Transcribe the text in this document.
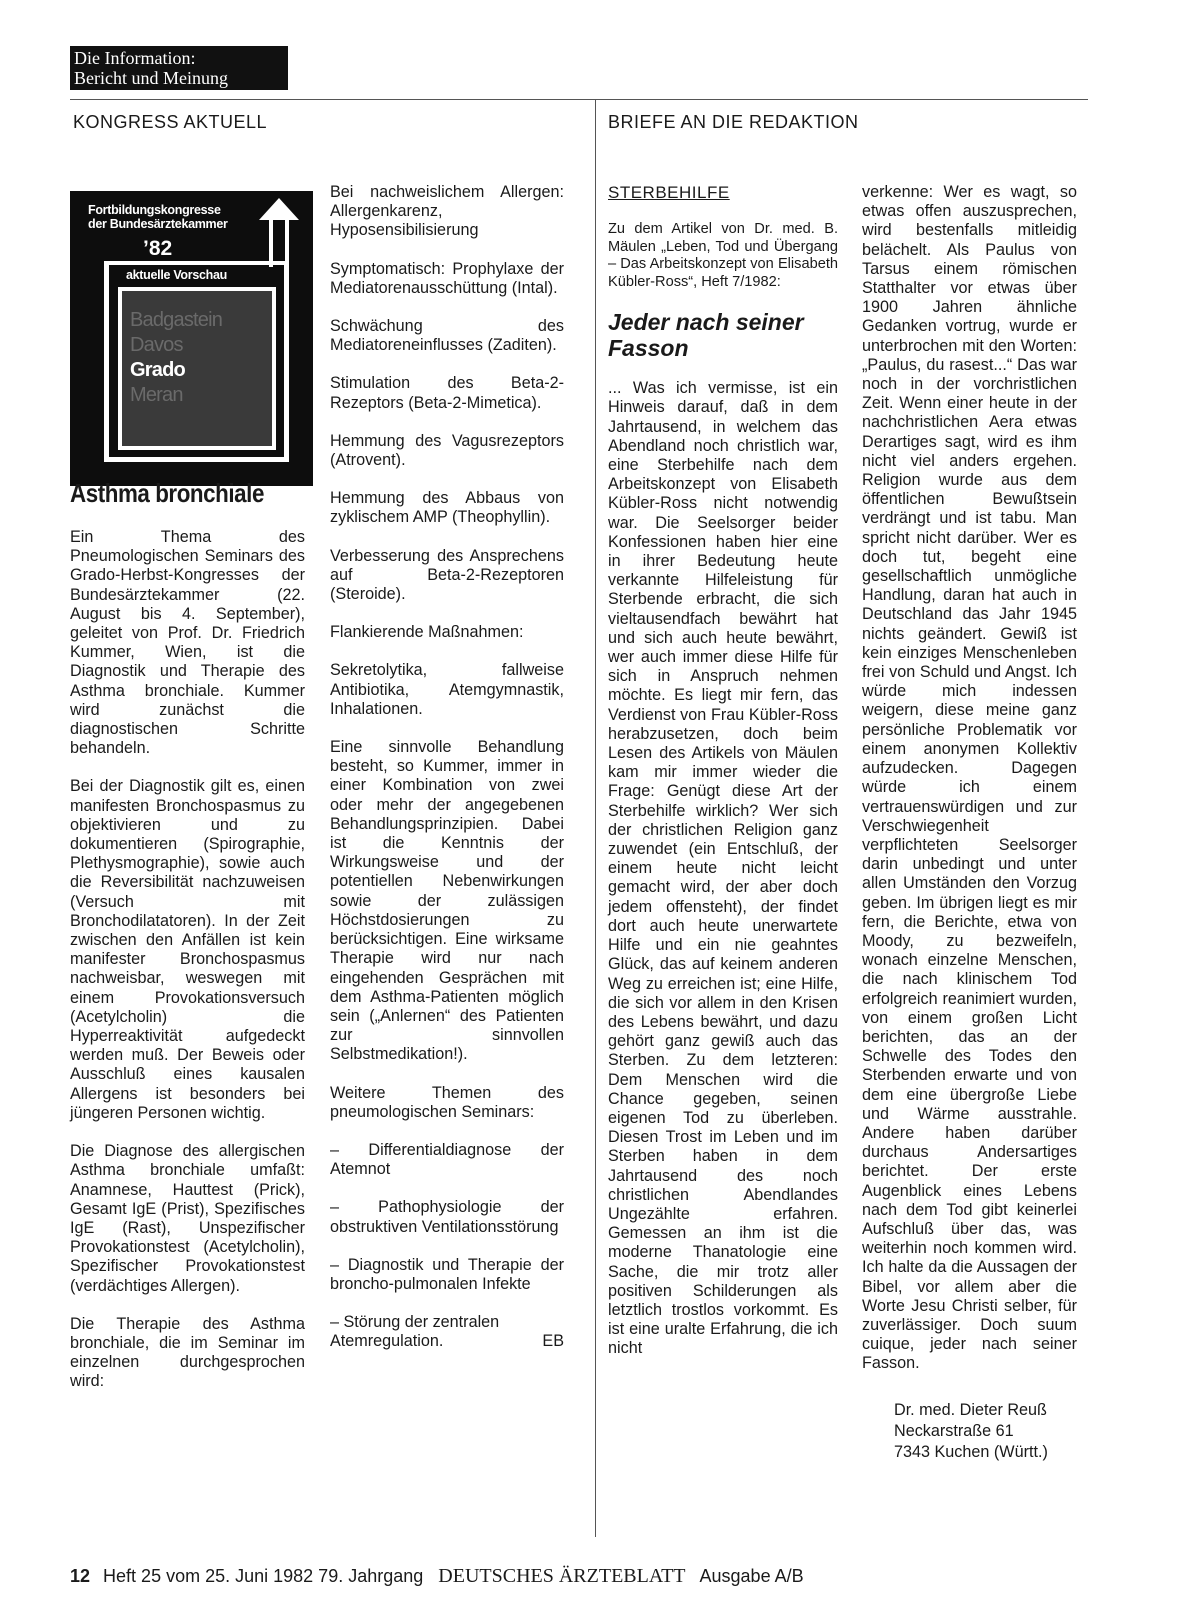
Die Information:
Bericht und Meinung
KONGRESS AKTUELL	BRIEFE AN DIE REDAKTION
Fortbildungskongresse
der Bundesärztekammer
’82
aktuelle Vorschau
Badgastein
Davos
Grado
Meran
Asthma bronchiale

Ein Thema des Pneumologischen Seminars des Grado-Herbst-Kongresses der Bundesärztekammer (22. August bis 4. September), geleitet von Prof. Dr. Friedrich Kummer, Wien, ist die Diagnostik und Therapie des Asthma bronchiale. Kummer wird zunächst die diagnostischen Schritte behandeln.

Bei der Diagnostik gilt es, einen manifesten Bronchospasmus zu objektivieren und zu dokumentieren (Spirographie, Plethysmographie), sowie auch die Reversibilität nachzuweisen (Versuch mit Bronchodilatatoren). In der Zeit zwischen den Anfällen ist kein manifester Bronchospasmus nachweisbar, weswegen mit einem Provokationsversuch (Acetylcholin) die Hyperreaktivität aufgedeckt werden muß. Der Beweis oder Ausschluß eines kausalen Allergens ist besonders bei jüngeren Personen wichtig.

Die Diagnose des allergischen Asthma bronchiale umfaßt: Anamnese, Hauttest (Prick), Gesamt IgE (Prist), Spezifisches IgE (Rast), Unspezifischer Provokationstest (Acetylcholin), Spezifischer Provokationstest (verdächtiges Allergen).

Die Therapie des Asthma bronchiale, die im Seminar im einzelnen durchgesprochen wird:

Bei nachweislichem Allergen: Allergenkarenz, Hyposensibilisierung

Symptomatisch: Prophylaxe der Mediatorenausschüttung (Intal).

Schwächung des Mediatoreneinflusses (Zaditen).

Stimulation des Beta-2-Rezeptors (Beta-2-Mimetica).

Hemmung des Vagusrezeptors (Atrovent).

Hemmung des Abbaus von zyklischem AMP (Theophyllin).

Verbesserung des Ansprechens auf Beta-2-Rezeptoren (Steroide).

Flankierende Maßnahmen:

Sekretolytika, fallweise Antibiotika, Atemgymnastik, Inhalationen.

Eine sinnvolle Behandlung besteht, so Kummer, immer in einer Kombination von zwei oder mehr der angegebenen Behandlungsprinzipien. Dabei ist die Kenntnis der Wirkungsweise und der potentiellen Nebenwirkungen sowie der zulässigen Höchstdosierungen zu berücksichtigen. Eine wirksame Therapie wird nur nach eingehenden Gesprächen mit dem Asthma-Patienten möglich sein („Anlernen“ des Patienten zur sinnvollen Selbstmedikation!).

Weitere Themen des pneumologischen Seminars:

– Differentialdiagnose der Atemnot

– Pathophysiologie der obstruktiven Ventilationsstörung

– Diagnostik und Therapie der broncho-pulmonalen Infekte

– Störung der zentralen

Atemregulation.	EB
STERBEHILFE
Zu dem Artikel von Dr. med. B. Mäulen „Leben, Tod und Übergang – Das Arbeitskonzept von Elisabeth Kübler-Ross“, Heft 7/1982:
Jeder nach seiner Fasson
... Was ich vermisse, ist ein Hinweis darauf, daß in dem Jahrtausend, in welchem das Abendland noch christlich war, eine Sterbehilfe nach dem Arbeitskonzept von Elisabeth Kübler-Ross nicht notwendig war. Die Seelsorger beider Konfessionen haben hier eine in ihrer Bedeutung heute verkannte Hilfeleistung für Sterbende erbracht, die sich vieltausendfach bewährt hat und sich auch heute bewährt, wer auch immer diese Hilfe für sich in Anspruch nehmen möchte. Es liegt mir fern, das Verdienst von Frau Kübler-Ross herabzusetzen, doch beim Lesen des Artikels von Mäulen kam mir immer wieder die Frage: Genügt diese Art der Sterbehilfe wirklich? Wer sich der christlichen Religion ganz zuwendet (ein Entschluß, der einem heute nicht leicht gemacht wird, der aber doch jedem offensteht), der findet dort auch heute unerwartete Hilfe und ein nie geahntes Glück, das auf keinem anderen Weg zu erreichen ist; eine Hilfe, die sich vor allem in den Krisen des Lebens bewährt, und dazu gehört ganz gewiß auch das Sterben. Zu dem letzteren: Dem Menschen wird die Chance gegeben, seinen eigenen Tod zu überleben. Diesen Trost im Leben und im Sterben haben in dem Jahrtausend des noch christlichen Abendlandes Ungezählte erfahren. Gemessen an ihm ist die moderne Thanatologie eine Sache, die mir trotz aller positiven Schilderungen als letztlich trostlos vorkommt. Es ist eine uralte Erfahrung, die ich nicht
verkenne: Wer es wagt, so etwas offen auszusprechen, wird bestenfalls mitleidig belächelt. Als Paulus von Tarsus einem römischen Statthalter vor etwas über 1900 Jahren ähnliche Gedanken vortrug, wurde er unterbrochen mit den Worten: „Paulus, du rasest...“ Das war noch in der vorchristlichen Zeit. Wenn einer heute in der nachchristlichen Aera etwas Derartiges sagt, wird es ihm nicht viel anders ergehen. Religion wurde aus dem öffentlichen Bewußtsein verdrängt und ist tabu. Man spricht nicht darüber. Wer es doch tut, begeht eine gesellschaftlich unmögliche Handlung, daran hat auch in Deutschland das Jahr 1945 nichts geändert. Gewiß ist kein einziges Menschenleben frei von Schuld und Angst. Ich würde mich indessen weigern, diese meine ganz persönliche Problematik vor einem anonymen Kollektiv aufzudecken. Dagegen würde ich einem vertrauenswürdigen und zur Verschwiegenheit verpflichteten Seelsorger darin unbedingt und unter allen Umständen den Vorzug geben. Im übrigen liegt es mir fern, die Berichte, etwa von Moody, zu bezweifeln, wonach einzelne Menschen, die nach klinischem Tod erfolgreich reanimiert wurden, von einem großen Licht berichten, das an der Schwelle des Todes den Sterbenden erwarte und von dem eine übergroße Liebe und Wärme ausstrahle. Andere haben darüber durchaus Andersartiges berichtet. Der erste Augenblick eines Lebens nach dem Tod gibt keinerlei Aufschluß über das, was weiterhin noch kommen wird. Ich halte da die Aussagen der Bibel, vor allem aber die Worte Jesu Christi selber, für zuverlässiger. Doch suum cuique, jeder nach seiner Fasson.
Dr. med. Dieter Reuß
Neckarstraße 61
7343 Kuchen (Württ.)
12 Heft 25 vom 25. Juni 1982 79. Jahrgang DEUTSCHES ÄRZTEBLATT Ausgabe A/B
